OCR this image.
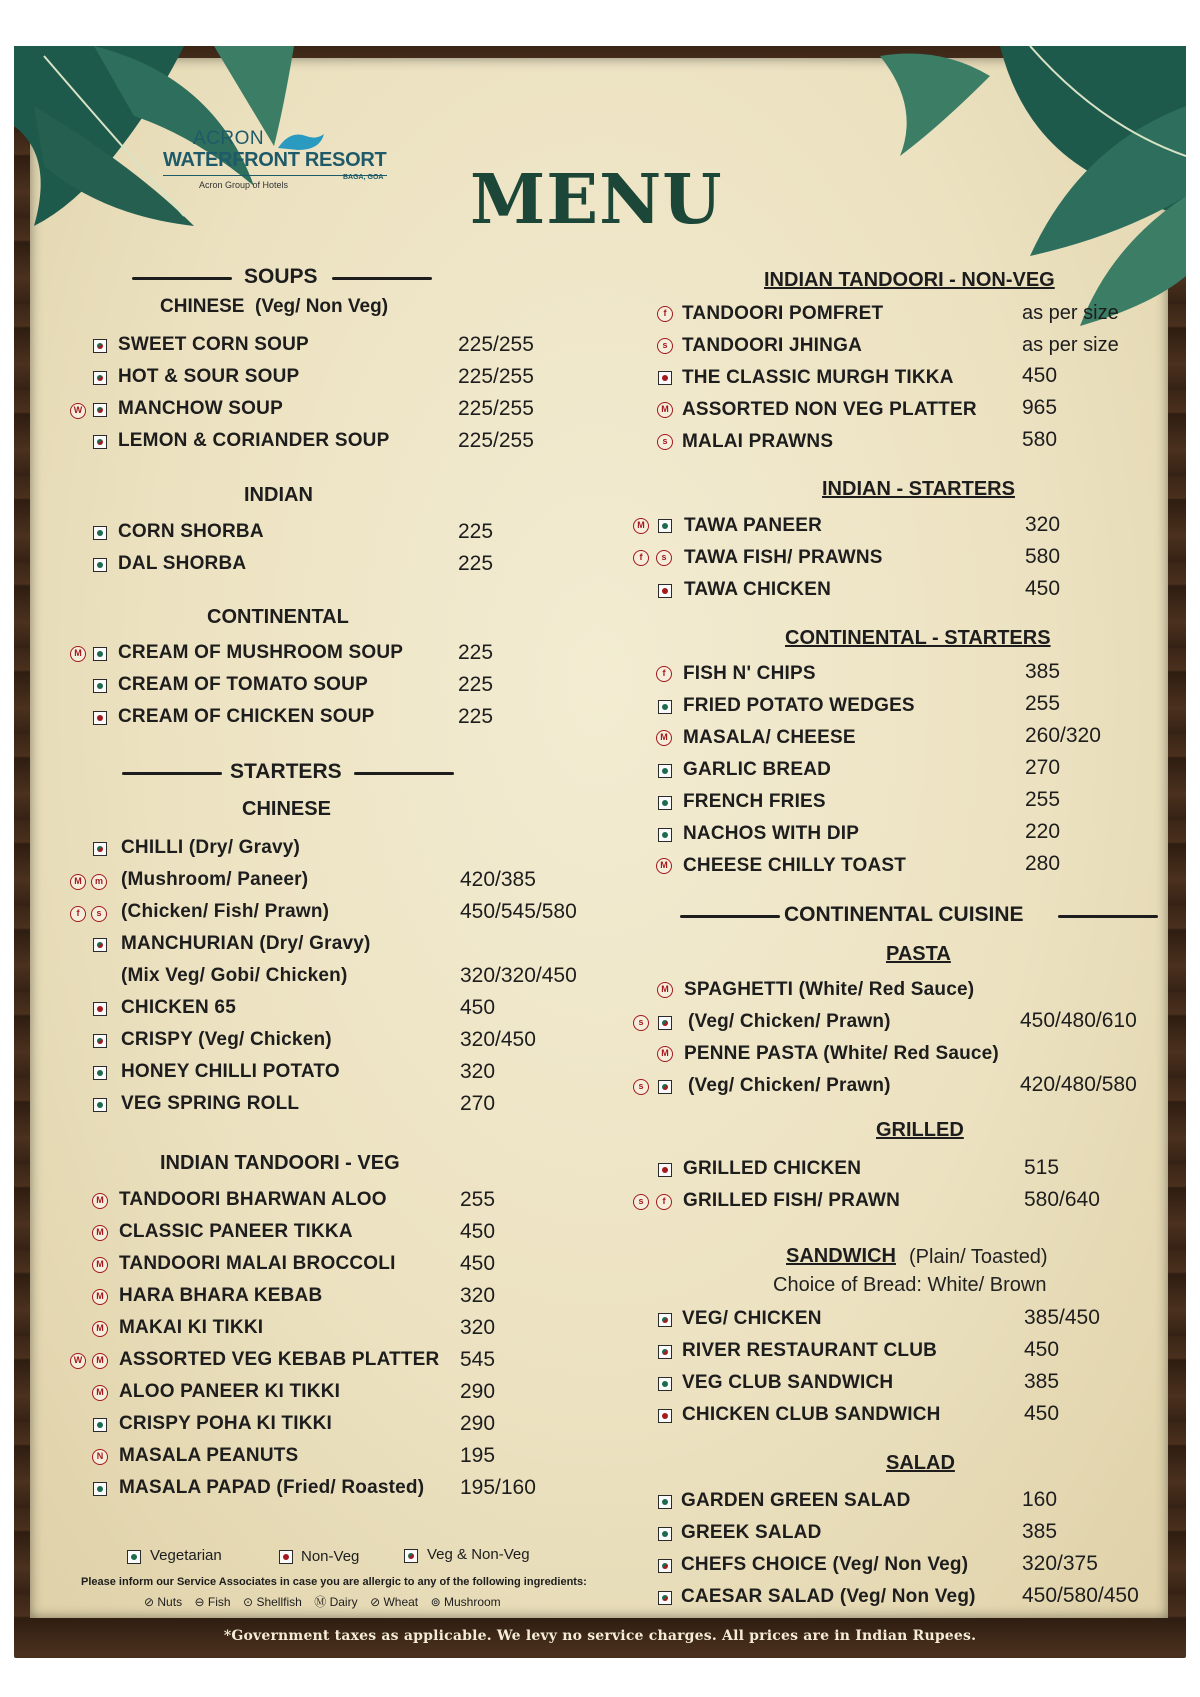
ACRON
WATERFRONT RESORT
BAGA, GOA
Acron Group of Hotels	MENU
SOUPS
CHINESE  (Veg/ Non Veg)
SWEET CORN SOUP	225/255
HOT & SOUR SOUP	225/255
W MANCHOW SOUP	225/255
LEMON & CORIANDER SOUP	225/255
INDIAN
CORN SHORBA	225
DAL SHORBA	225
CONTINENTAL
M CREAM OF MUSHROOM SOUP	225
CREAM OF TOMATO SOUP	225
CREAM OF CHICKEN SOUP	225
STARTERS
CHINESE
CHILLI (Dry/ Gravy)
M	m (Mushroom/ Paneer)	420/385
f	s (Chicken/ Fish/ Prawn)	450/545/580
MANCHURIAN (Dry/ Gravy)
(Mix Veg/ Gobi/ Chicken)	320/320/450
CHICKEN 65	450
CRISPY (Veg/ Chicken)	320/450
HONEY CHILLI POTATO	320
VEG SPRING ROLL	270
INDIAN TANDOORI - VEG
M TANDOORI BHARWAN ALOO	255
M CLASSIC PANEER TIKKA	450
M TANDOORI MALAI BROCCOLI	450
M HARA BHARA KEBAB	320
M MAKAI KI TIKKI	320
W	M ASSORTED VEG KEBAB PLATTER 545
M ALOO PANEER KI TIKKI	290
CRISPY POHA KI TIKKI	290
N MASALA PEANUTS	195
MASALA PAPAD (Fried/ Roasted) 195/160
Vegetarian	Non-Veg	Veg & Non-Veg
Please inform our Service Associates in case you are allergic to any of the following ingredients:
⊘ Nuts ⊖ Fish ⊙ Shellfish Ⓜ Dairy ⊘ Wheat ⊚ Mushroom
INDIAN TANDOORI - NON-VEG
f TANDOORI POMFRET	as per size
s TANDOORI JHINGA	as per size
THE CLASSIC MURGH TIKKA	450
M ASSORTED NON VEG PLATTER 965
s MALAI PRAWNS	580
INDIAN - STARTERS
M TAWA PANEER	320
f	s TAWA FISH/ PRAWNS	580
TAWA CHICKEN	450
CONTINENTAL - STARTERS
f FISH N' CHIPS	385
FRIED POTATO WEDGES	255
M MASALA/ CHEESE	260/320
GARLIC BREAD	270
FRENCH FRIES	255
NACHOS WITH DIP	220
M CHEESE CHILLY TOAST	280
CONTINENTAL CUISINE
PASTA
M SPAGHETTI (White/ Red Sauce)
s (Veg/ Chicken/ Prawn)	450/480/610
M PENNE PASTA (White/ Red Sauce)
s (Veg/ Chicken/ Prawn)	420/480/580
GRILLED
GRILLED CHICKEN	515
s	f GRILLED FISH/ PRAWN	580/640
SANDWICH (Plain/ Toasted)
Choice of Bread: White/ Brown
VEG/ CHICKEN	385/450
RIVER RESTAURANT CLUB	450
VEG CLUB SANDWICH	385
CHICKEN CLUB SANDWICH	450
SALAD
GARDEN GREEN SALAD	160
GREEK SALAD	385
CHEFS CHOICE (Veg/ Non Veg)	320/375
CAESAR SALAD (Veg/ Non Veg) 450/580/450
*Government taxes as applicable. We levy no service charges. All prices are in Indian Rupees.
